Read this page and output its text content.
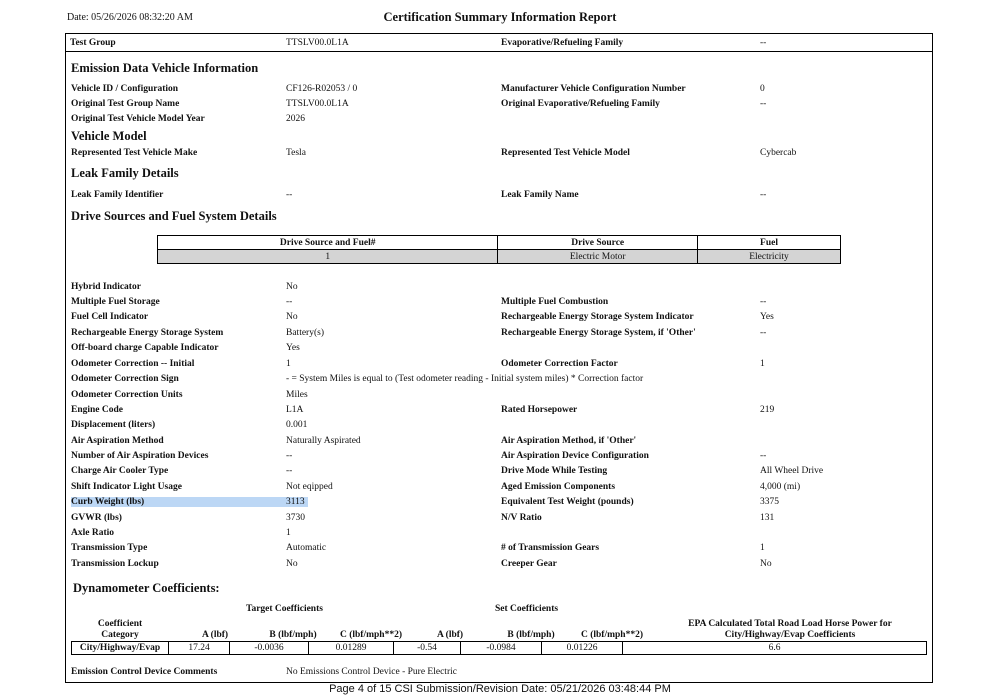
Date: 05/26/2026 08:32:20 AM	Certification Summary Information Report
Test Group	TTSLV00.0L1A	Evaporative/Refueling Family	--
Emission Data Vehicle Information
Vehicle ID / Configuration	CF126-R02053 / 0	Manufacturer Vehicle Configuration Number	0
Original Test Group Name	TTSLV00.0L1A	Original Evaporative/Refueling Family	--
Original Test Vehicle Model Year	2026
Vehicle Model
Represented Test Vehicle Make	Tesla	Represented Test Vehicle Model	Cybercab
Leak Family Details
Leak Family Identifier	--	Leak Family Name	--
Drive Sources and Fuel System Details
Drive Source and Fuel#	Drive Source	Fuel
1	Electric Motor	Electricity
Hybrid Indicator	No
Multiple Fuel Storage	--	Multiple Fuel Combustion	--
Fuel Cell Indicator	No	Rechargeable Energy Storage System Indicator	Yes
Rechargeable Energy Storage System	Battery(s)	Rechargeable Energy Storage System, if 'Other'	--
Off-board charge Capable Indicator	Yes
Odometer Correction -- Initial	1	Odometer Correction Factor	1
Odometer Correction Sign	- = System Miles is equal to (Test odometer reading - Initial system miles) * Correction factor
Odometer Correction Units	Miles
Engine Code	L1A	Rated Horsepower	219
Displacement (liters)	0.001
Air Aspiration Method	Naturally Aspirated	Air Aspiration Method, if 'Other'
Number of Air Aspiration Devices	--	Air Aspiration Device Configuration	--
Charge Air Cooler Type	--	Drive Mode While Testing	All Wheel Drive
Shift Indicator Light Usage	Not eqipped	Aged Emission Components	4,000 (mi)
Curb Weight (lbs)	3113	Equivalent Test Weight (pounds)	3375
GVWR (lbs)	3730	N/V Ratio	131
Axle Ratio	1
Transmission Type	Automatic	# of Transmission Gears	1
Transmission Lockup	No	Creeper Gear	No
Dynamometer Coefficients:
Target Coefficients	Set Coefficients
Coefficient Category	A (lbf)	B (lbf/mph)	C (lbf/mph**2)	A (lbf)	B (lbf/mph)	C (lbf/mph**2)
EPA Calculated Total Road Load Horse Power for City/Highway/Evap Coefficients
City/Highway/Evap	17.24	-0.0036	0.01289	-0.54	-0.0984	0.01226	6.6
Emission Control Device Comments	No Emissions Control Device - Pure Electric
Page 4 of 15 CSI Submission/Revision Date: 05/21/2026 03:48:44 PM
